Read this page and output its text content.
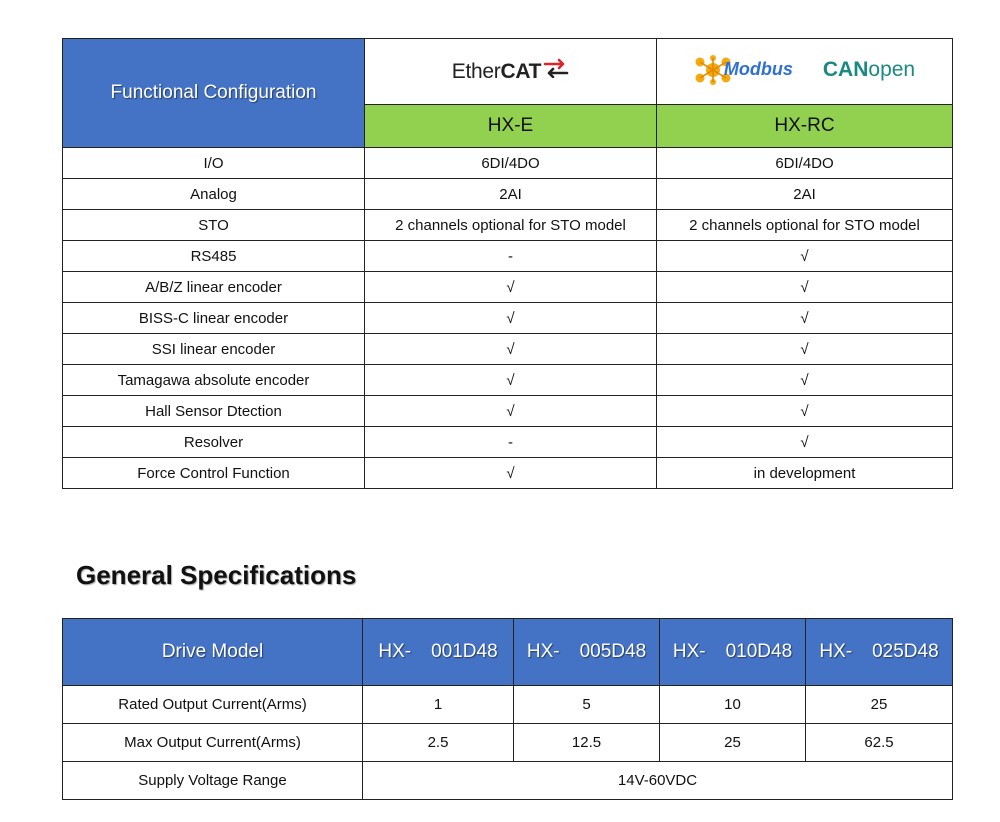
Functional Configuration	Ether CAT	Modbus CANopen

	HX-E	HX-RC
I/O	6DI/4DO	6DI/4DO
Analog	2AI	2AI
STO	2 channels optional for STO model	2 channels optional for STO model
RS485	-	√
A/B/Z linear encoder	√	√
BISS-C linear encoder	√	√
SSI linear encoder	√	√
Tamagawa absolute encoder	√	√
Hall Sensor Dtection	√	√
Resolver	-	√
Force Control Function	√	in development
General Specifications
Drive Model	HX- 001D48	HX- 005D48	HX- 010D48	HX- 025D48

Rated Output Current(Arms)	1	5	10	25
Max Output Current(Arms)	2.5	12.5	25	62.5
Supply Voltage Range	14V-60VDC			
